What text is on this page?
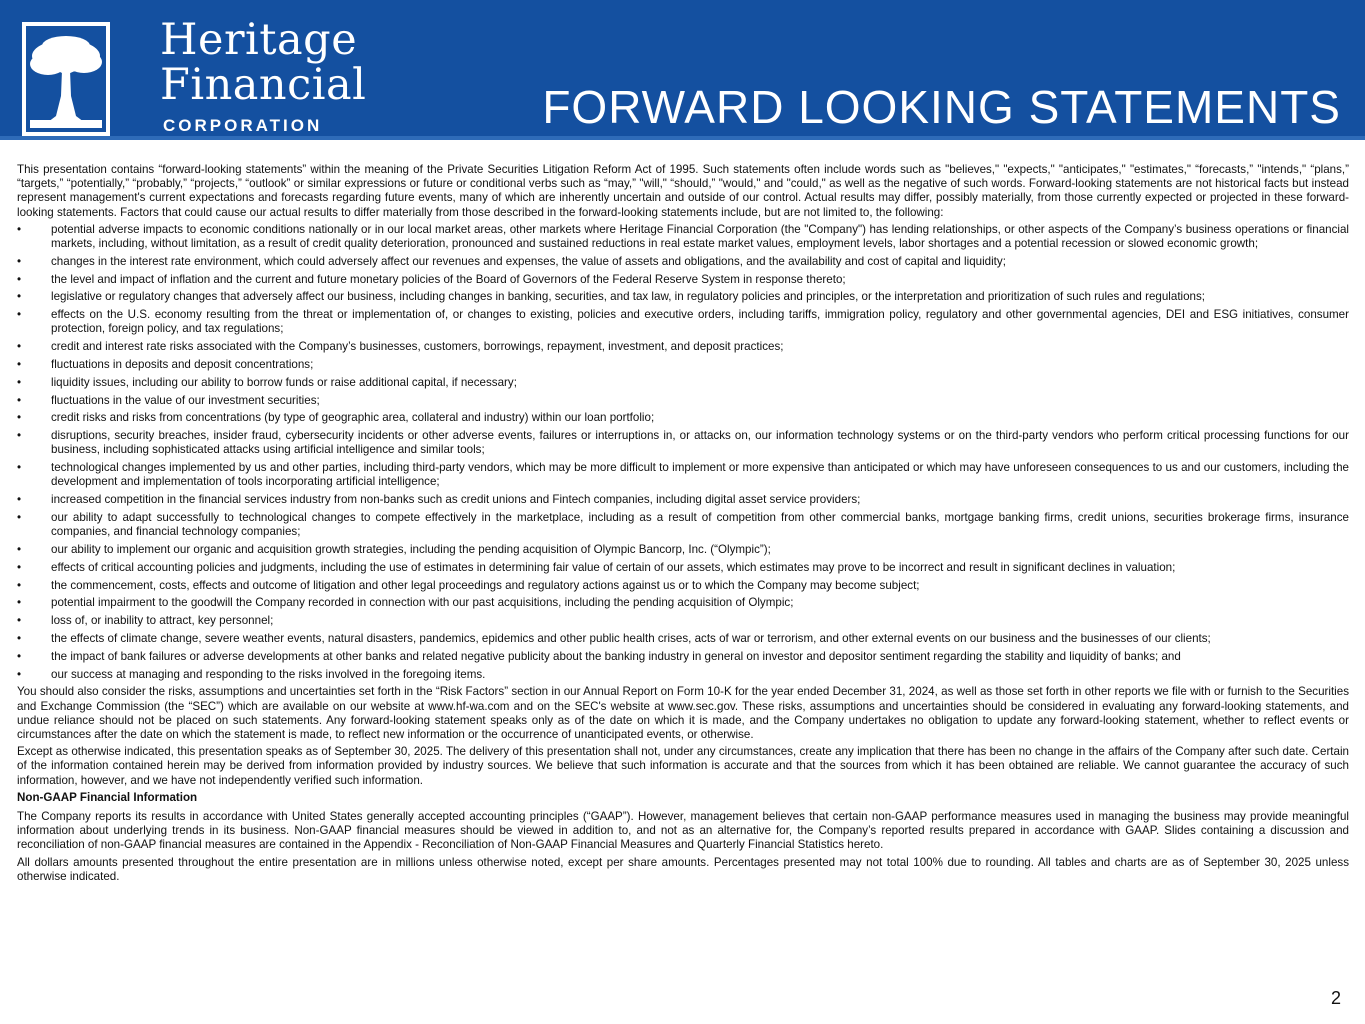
Heritage
Financial
CORPORATION	FORWARD LOOKING STATEMENTS

This presentation contains “forward-looking statements” within the meaning of the Private Securities Litigation Reform Act of 1995. Such statements often include words such as "believes," "expects," "anticipates," "estimates," “forecasts,” "intends," “plans,” “targets,” “potentially,” “probably,” “projects,” “outlook” or similar expressions or future or conditional verbs such as “may,” "will," “should,” "would," and "could," as well as the negative of such words. Forward-looking statements are not historical facts but instead represent management's current expectations and forecasts regarding future events, many of which are inherently uncertain and outside of our control. Actual results may differ, possibly materially, from those currently expected or projected in these forward-looking statements. Factors that could cause our actual results to differ materially from those described in the forward-looking statements include, but are not limited to, the following:

•	potential adverse impacts to economic conditions nationally or in our local market areas, other markets where Heritage Financial Corporation (the "Company") has lending relationships, or other aspects of the Company’s business operations or financial markets, including, without limitation, as a result of credit quality deterioration, pronounced and sustained reductions in real estate market values, employment levels, labor shortages and a potential recession or slowed economic growth;
•	changes in the interest rate environment, which could adversely affect our revenues and expenses, the value of assets and obligations, and the availability and cost of capital and liquidity;
•	the level and impact of inflation and the current and future monetary policies of the Board of Governors of the Federal Reserve System in response thereto;
•	legislative or regulatory changes that adversely affect our business, including changes in banking, securities, and tax law, in regulatory policies and principles, or the interpretation and prioritization of such rules and regulations;
•	effects on the U.S. economy resulting from the threat or implementation of, or changes to existing, policies and executive orders, including tariffs, immigration policy, regulatory and other governmental agencies, DEI and ESG initiatives, consumer protection, foreign policy, and tax regulations;
•	credit and interest rate risks associated with the Company’s businesses, customers, borrowings, repayment, investment, and deposit practices;
•	fluctuations in deposits and deposit concentrations;
•	liquidity issues, including our ability to borrow funds or raise additional capital, if necessary;
•	fluctuations in the value of our investment securities;
•	credit risks and risks from concentrations (by type of geographic area, collateral and industry) within our loan portfolio;
•	disruptions, security breaches, insider fraud, cybersecurity incidents or other adverse events, failures or interruptions in, or attacks on, our information technology systems or on the third-party vendors who perform critical processing functions for our business, including sophisticated attacks using artificial intelligence and similar tools;
•	technological changes implemented by us and other parties, including third-party vendors, which may be more difficult to implement or more expensive than anticipated or which may have unforeseen consequences to us and our customers, including the development and implementation of tools incorporating artificial intelligence;
•	increased competition in the financial services industry from non-banks such as credit unions and Fintech companies, including digital asset service providers;
•	our ability to adapt successfully to technological changes to compete effectively in the marketplace, including as a result of competition from other commercial banks, mortgage banking firms, credit unions, securities brokerage firms, insurance companies, and financial technology companies;
•	our ability to implement our organic and acquisition growth strategies, including the pending acquisition of Olympic Bancorp, Inc. (“Olympic”);
•	effects of critical accounting policies and judgments, including the use of estimates in determining fair value of certain of our assets, which estimates may prove to be incorrect and result in significant declines in valuation;
•	the commencement, costs, effects and outcome of litigation and other legal proceedings and regulatory actions against us or to which the Company may become subject;
•	potential impairment to the goodwill the Company recorded in connection with our past acquisitions, including the pending acquisition of Olympic;
•	loss of, or inability to attract, key personnel;
•	the effects of climate change, severe weather events, natural disasters, pandemics, epidemics and other public health crises, acts of war or terrorism, and other external events on our business and the businesses of our clients;
•	the impact of bank failures or adverse developments at other banks and related negative publicity about the banking industry in general on investor and depositor sentiment regarding the stability and liquidity of banks; and
•	our success at managing and responding to the risks involved in the foregoing items.

You should also consider the risks, assumptions and uncertainties set forth in the “Risk Factors” section in our Annual Report on Form 10-K for the year ended December 31, 2024, as well as those set forth in other reports we file with or furnish to the Securities and Exchange Commission (the “SEC”) which are available on our website at www.hf-wa.com and on the SEC's website at www.sec.gov. These risks, assumptions and uncertainties should be considered in evaluating any forward-looking statements, and undue reliance should not be placed on such statements. Any forward-looking statement speaks only as of the date on which it is made, and the Company undertakes no obligation to update any forward-looking statement, whether to reflect events or circumstances after the date on which the statement is made, to reflect new information or the occurrence of unanticipated events, or otherwise.

Except as otherwise indicated, this presentation speaks as of September 30, 2025. The delivery of this presentation shall not, under any circumstances, create any implication that there has been no change in the affairs of the Company after such date. Certain of the information contained herein may be derived from information provided by industry sources. We believe that such information is accurate and that the sources from which it has been obtained are reliable. We cannot guarantee the accuracy of such information, however, and we have not independently verified such information.

Non-GAAP Financial Information

The Company reports its results in accordance with United States generally accepted accounting principles (“GAAP”). However, management believes that certain non-GAAP performance measures used in managing the business may provide meaningful information about underlying trends in its business. Non-GAAP financial measures should be viewed in addition to, and not as an alternative for, the Company’s reported results prepared in accordance with GAAP. Slides containing a discussion and reconciliation of non-GAAP financial measures are contained in the Appendix - Reconciliation of Non-GAAP Financial Measures and Quarterly Financial Statistics hereto.

All dollars amounts presented throughout the entire presentation are in millions unless otherwise noted, except per share amounts. Percentages presented may not total 100% due to rounding. All tables and charts are as of September 30, 2025 unless otherwise indicated.

2
